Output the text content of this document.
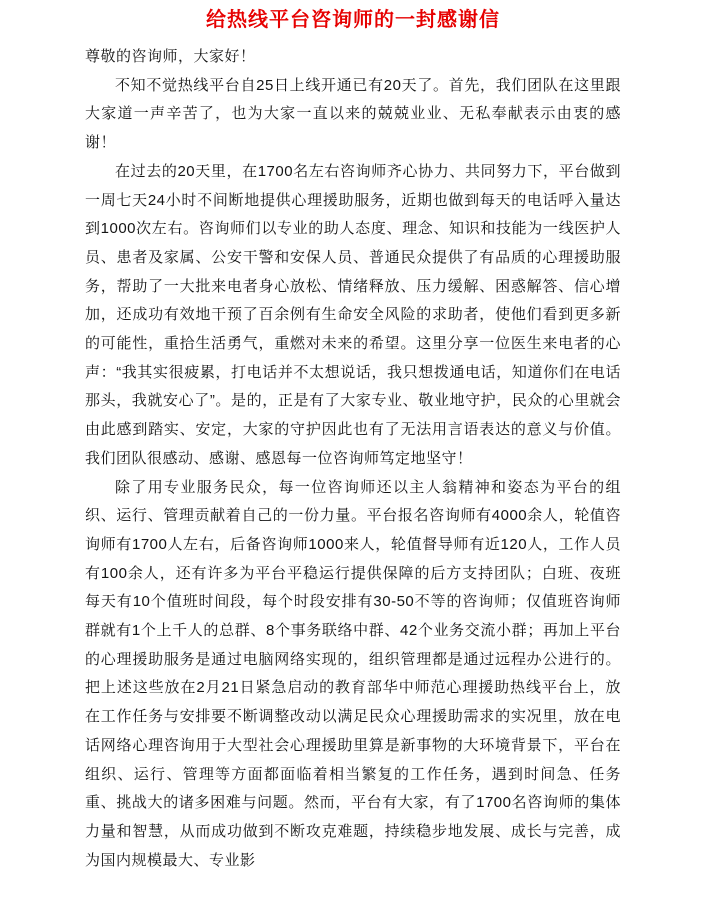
给热线平台咨询师的一封感谢信

尊敬的咨询师，大家好！

不知不觉热线平台自25日上线开通已有20天了。首先，我们团队在这里跟大家道一声辛苦了，也为大家一直以来的兢兢业业、无私奉献表示由衷的感谢！

在过去的20天里，在1700名左右咨询师齐心协力、共同努力下，平台做到一周七天24小时不间断地提供心理援助服务，近期也做到每天的电话呼入量达到1000次左右。咨询师们以专业的助人态度、理念、知识和技能为一线医护人员、患者及家属、公安干警和安保人员、普通民众提供了有品质的心理援助服务，帮助了一大批来电者身心放松、情绪释放、压力缓解、困惑解答、信心增加，还成功有效地干预了百余例有生命安全风险的求助者，使他们看到更多新的可能性，重拾生活勇气，重燃对未来的希望。这里分享一位医生来电者的心声：“我其实很疲累，打电话并不太想说话，我只想拨通电话，知道你们在电话那头，我就安心了”。是的，正是有了大家专业、敬业地守护，民众的心里就会由此感到踏实、安定，大家的守护因此也有了无法用言语表达的意义与价值。我们团队很感动、感谢、感恩每一位咨询师笃定地坚守！

除了用专业服务民众，每一位咨询师还以主人翁精神和姿态为平台的组织、运行、管理贡献着自己的一份力量。平台报名咨询师有4000余人，轮值咨询师有1700人左右，后备咨询师1000来人，轮值督导师有近120人，工作人员有100余人，还有许多为平台平稳运行提供保障的后方支持团队；白班、夜班每天有10个值班时间段，每个时段安排有30-50不等的咨询师；仅值班咨询师群就有1个上千人的总群、8个事务联络中群、42个业务交流小群；再加上平台的心理援助服务是通过电脑网络实现的，组织管理都是通过远程办公进行的。把上述这些放在2月21日紧急启动的教育部华中师范心理援助热线平台上，放在工作任务与安排要不断调整改动以满足民众心理援助需求的实况里，放在电话网络心理咨询用于大型社会心理援助里算是新事物的大环境背景下，平台在组织、运行、管理等方面都面临着相当繁复的工作任务，遇到时间急、任务重、挑战大的诸多困难与问题。然而，平台有大家，有了1700名咨询师的集体力量和智慧，从而成功做到不断攻克难题，持续稳步地发展、成长与完善，成为国内规模最大、专业影
